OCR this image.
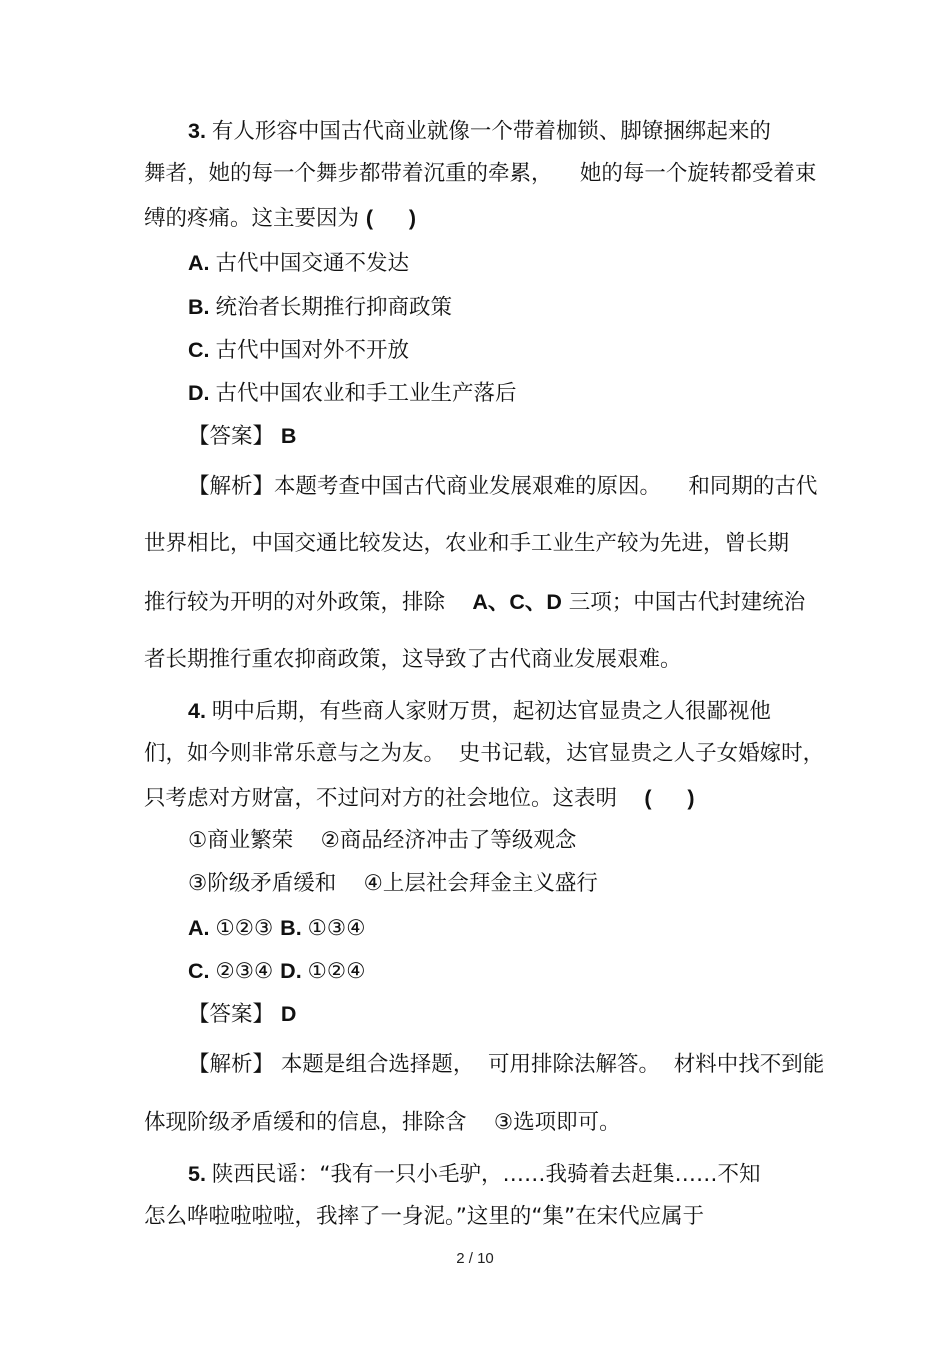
3. 有人形容中国古代商业就像一个带着枷锁、脚镣捆绑起来的
舞者，她的每一个舞步都带着沉重的牵累，    她的每一个旋转都受着束
缚的疼痛。这主要因为 (      )
A. 古代中国交通不发达
B. 统治者长期推行抑商政策
C. 古代中国对外不开放
D. 古代中国农业和手工业生产落后
【答案】 B
【解析】本题考查中国古代商业发展艰难的原因。    和同期的古代
世界相比，中国交通比较发达，农业和手工业生产较为先进，曾长期
推行较为开明的对外政策，排除    A、C、D 三项；中国古代封建统治
者长期推行重农抑商政策，这导致了古代商业发展艰难。
4. 明中后期，有些商人家财万贯，起初达官显贵之人很鄙视他
们，如今则非常乐意与之为友。  史书记载，达官显贵之人子女婚嫁时，
只考虑对方财富，不过问对方的社会地位。这表明    (      )
①商业繁荣    ②商品经济冲击了等级观念
③阶级矛盾缓和    ④上层社会拜金主义盛行
A. ①②③ B. ①③④
C. ②③④ D. ①②④
【答案】 D
【解析】 本题是组合选择题，  可用排除法解答。  材料中找不到能
体现阶级矛盾缓和的信息，排除含    ③选项即可。
5. 陕西民谣：“我有一只小毛驴，……我骑着去赶集……不知
怎么哗啦啦啦啦，我摔了一身泥。”这里的“集”在宋代应属于
2 / 10
